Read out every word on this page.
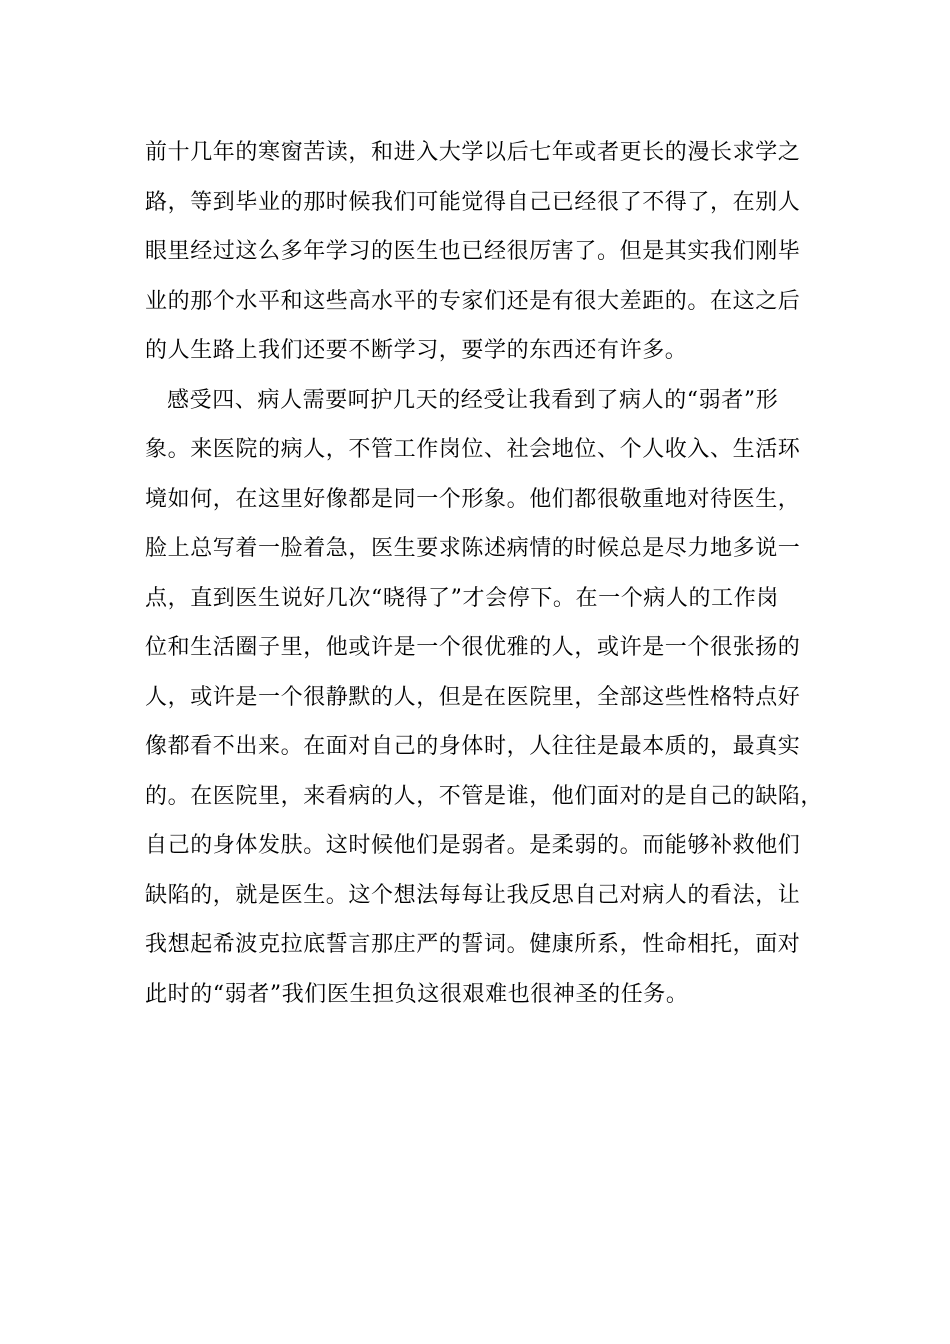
前十几年的寒窗苦读，和进入大学以后七年或者更长的漫长求学之
路，等到毕业的那时候我们可能觉得自己已经很了不得了，在别人
眼里经过这么多年学习的医生也已经很厉害了。但是其实我们刚毕
业的那个水平和这些高水平的专家们还是有很大差距的。在这之后
的人生路上我们还要不断学习，要学的东西还有许多。
感受四、病人需要呵护几天的经受让我看到了病人的“弱者”形
象。来医院的病人，不管工作岗位、社会地位、个人收入、生活环
境如何，在这里好像都是同一个形象。他们都很敬重地对待医生，
脸上总写着一脸着急，医生要求陈述病情的时候总是尽力地多说一
点，直到医生说好几次“晓得了”才会停下。在一个病人的工作岗
位和生活圈子里，他或许是一个很优雅的人，或许是一个很张扬的
人，或许是一个很静默的人，但是在医院里，全部这些性格特点好
像都看不出来。在面对自己的身体时，人往往是最本质的，最真实
的。在医院里，来看病的人，不管是谁，他们面对的是自己的缺陷，
自己的身体发肤。这时候他们是弱者。是柔弱的。而能够补救他们
缺陷的，就是医生。这个想法每每让我反思自己对病人的看法，让
我想起希波克拉底誓言那庄严的誓词。健康所系，性命相托，面对
此时的“弱者”我们医生担负这很艰难也很神圣的任务。
